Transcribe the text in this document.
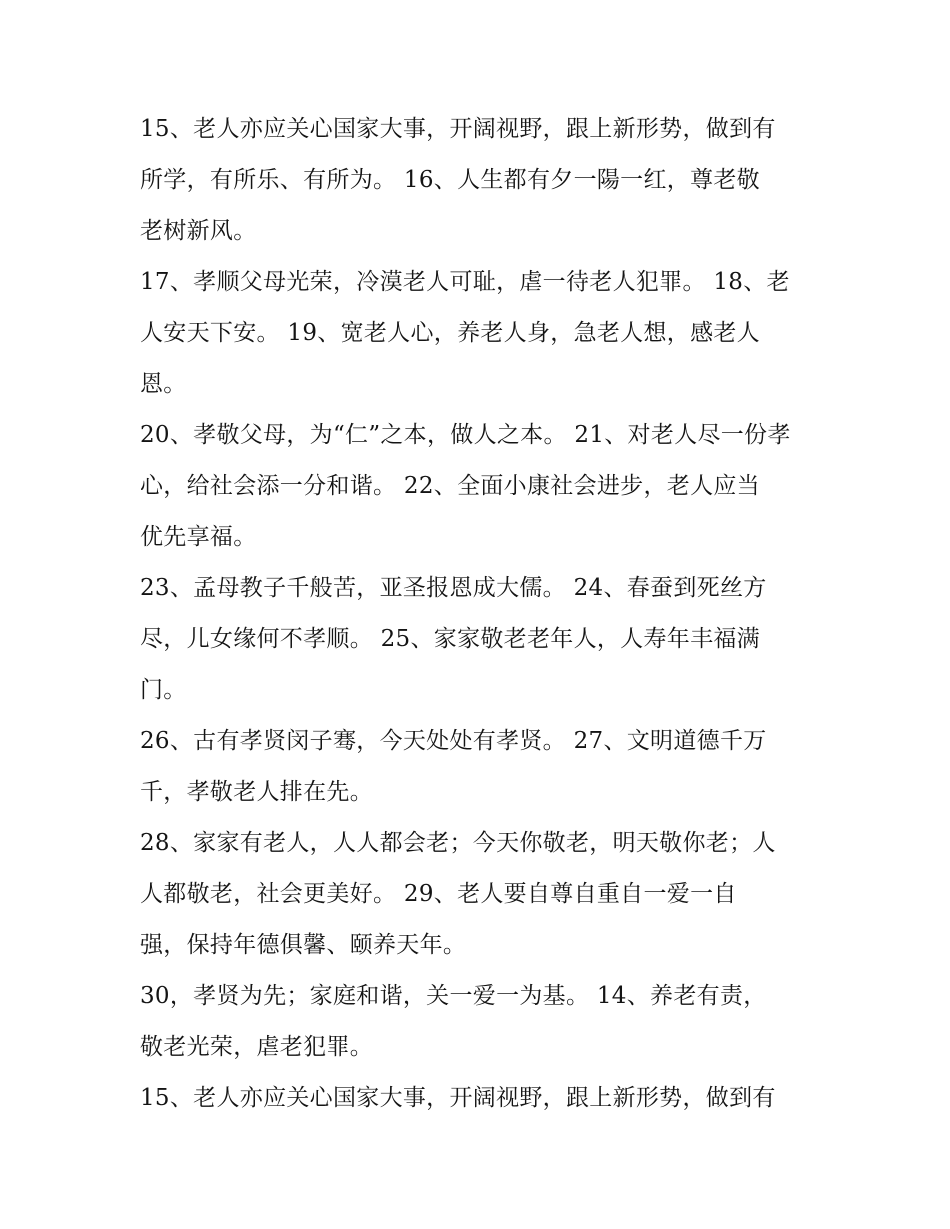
15、老人亦应关心国家大事，开阔视野，跟上新形势，做到有
所学，有所乐、有所为。 16、人生都有夕一陽一红，尊老敬
老树新风。
17、孝顺父母光荣，冷漠老人可耻，虐一待老人犯罪。 18、老
人安天下安。 19、宽老人心，养老人身，急老人想，感老人
恩。
20、孝敬父母，为“仁”之本，做人之本。 21、对老人尽一份孝
心，给社会添一分和谐。 22、全面小康社会进步，老人应当
优先享福。
23、孟母教子千般苦，亚圣报恩成大儒。 24、春蚕到死丝方
尽，儿女缘何不孝顺。 25、家家敬老老年人，人寿年丰福满
门。
26、古有孝贤闵子骞，今天处处有孝贤。 27、文明道德千万
千，孝敬老人排在先。
28、家家有老人，人人都会老；今天你敬老，明天敬你老；人
人都敬老，社会更美好。 29、老人要自尊自重自一爱一自
强，保持年德俱馨、颐养天年。
30，孝贤为先；家庭和谐，关一爱一为基。 14、养老有责，
敬老光荣，虐老犯罪。
15、老人亦应关心国家大事，开阔视野，跟上新形势，做到有
